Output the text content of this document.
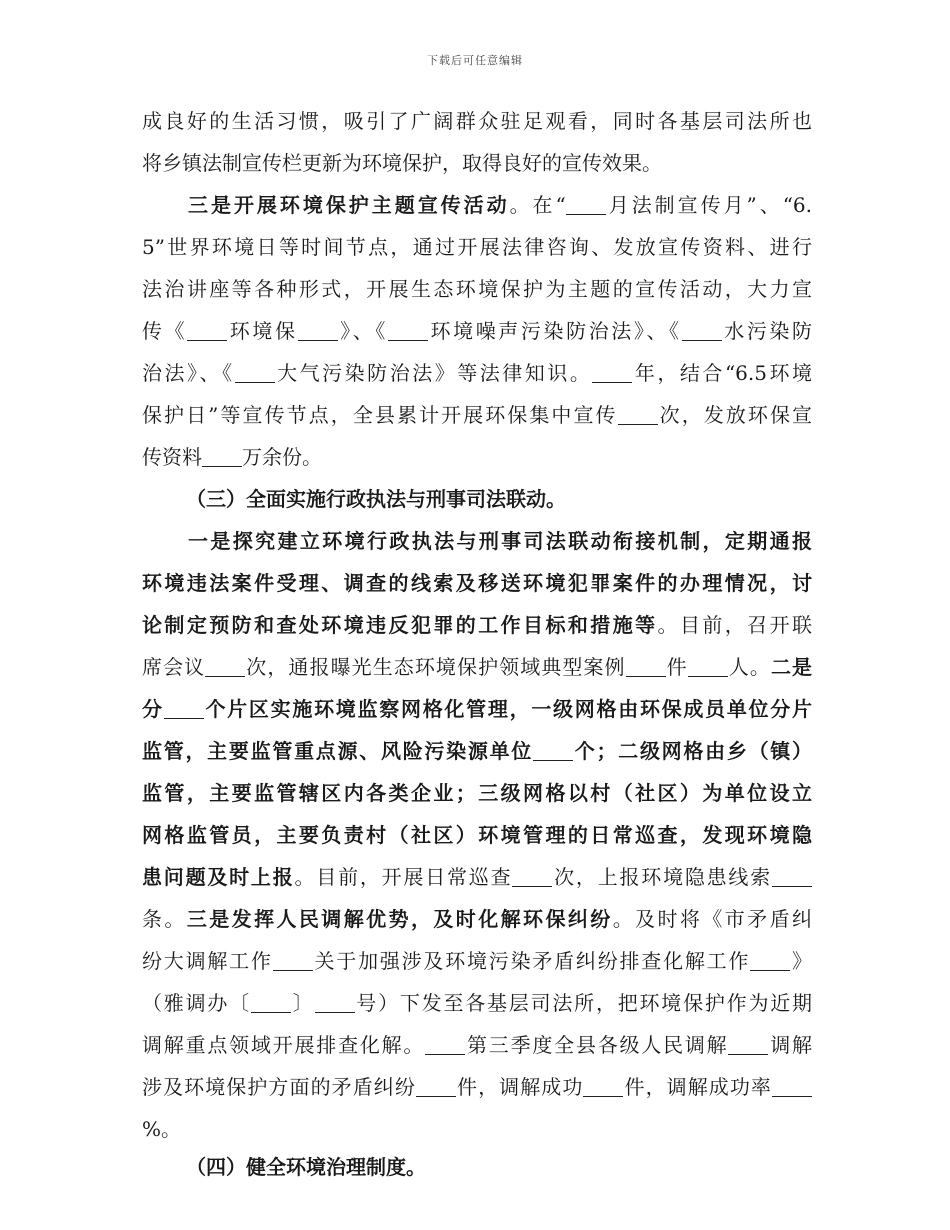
下载后可任意编辑
成良好的生活习惯，吸引了广阔群众驻足观看，同时各基层司法所也
将乡镇法制宣传栏更新为环境保护，取得良好的宣传效果。
三是开展环境保护主题宣传活动。在“ 月法制宣传月”、“6.
5”世界环境日等时间节点，通过开展法律咨询、发放宣传资料、进行
法治讲座等各种形式，开展生态环境保护为主题的宣传活动，大力宣
传《 环境保 》、《 环境噪声污染防治法》、《 水污染防
治法》、《 大气污染防治法》等法律知识。 年，结合“6.5环境
保护日”等宣传节点，全县累计开展环保集中宣传 次，发放环保宣
传资料 万余份。
（三）全面实施行政执法与刑事司法联动。
一是探究建立环境行政执法与刑事司法联动衔接机制，定期通报
环境违法案件受理、调查的线索及移送环境犯罪案件的办理情况，讨
论制定预防和查处环境违反犯罪的工作目标和措施等。目前，召开联
席会议 次，通报曝光生态环境保护领域典型案例 件 人。二是
分 个片区实施环境监察网格化管理，一级网格由环保成员单位分片
监管，主要监管重点源、风险污染源单位 个；二级网格由乡（镇）
监管，主要监管辖区内各类企业；三级网格以村（社区）为单位设立
网格监管员，主要负责村（社区）环境管理的日常巡查，发现环境隐
患问题及时上报。目前，开展日常巡查 次，上报环境隐患线索
条。三是发挥人民调解优势，及时化解环保纠纷。及时将《市矛盾纠
纷大调解工作 关于加强涉及环境污染矛盾纠纷排查化解工作 》
（雅调办〔 〕 号）下发至各基层司法所，把环境保护作为近期
调解重点领域开展排查化解。 第三季度全县各级人民调解 调解
涉及环境保护方面的矛盾纠纷 件，调解成功 件，调解成功率
%。
（四）健全环境治理制度。
